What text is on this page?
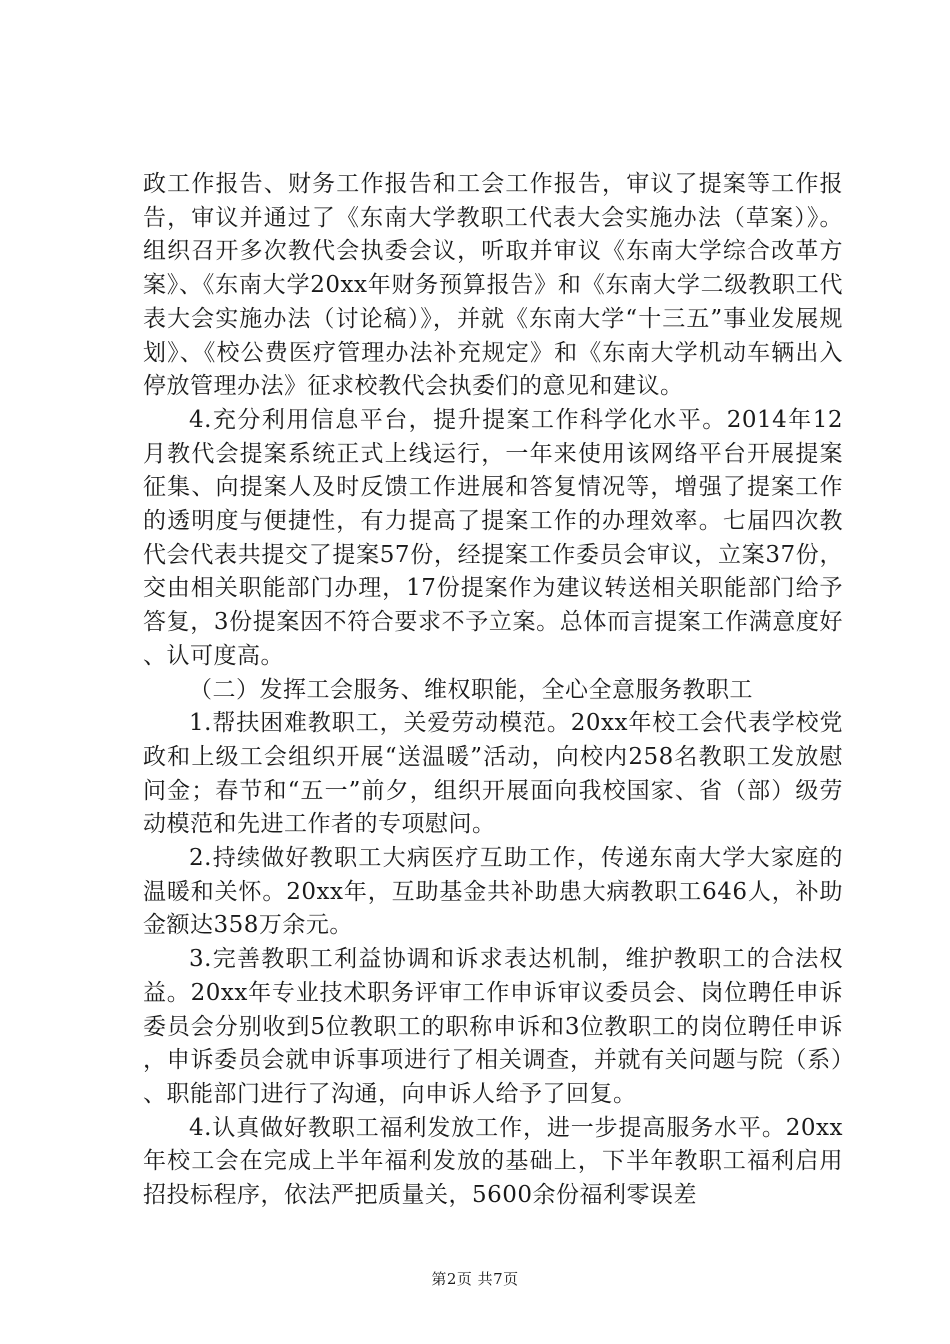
政工作报告、财务工作报告和工会工作报告，审议了提案等工作报告，审议并通过了《东南大学教职工代表大会实施办法（草案）》。组织召开多次教代会执委会议，听取并审议《东南大学综合改革方案》、《东南大学20xx年财务预算报告》和《东南大学二级教职工代表大会实施办法（讨论稿）》，并就《东南大学“十三五”事业发展规划》、《校公费医疗管理办法补充规定》和《东南大学机动车辆出入停放管理办法》征求校教代会执委们的意见和建议。

4.充分利用信息平台，提升提案工作科学化水平。2014年12月教代会提案系统正式上线运行，一年来使用该网络平台开展提案征集、向提案人及时反馈工作进展和答复情况等，增强了提案工作的透明度与便捷性，有力提高了提案工作的办理效率。七届四次教代会代表共提交了提案57份，经提案工作委员会审议，立案37份，交由相关职能部门办理，17份提案作为建议转送相关职能部门给予答复，3份提案因不符合要求不予立案。总体而言提案工作满意度好、认可度高。

（二）发挥工会服务、维权职能，全心全意服务教职工

1.帮扶困难教职工，关爱劳动模范。20xx年校工会代表学校党政和上级工会组织开展“送温暖”活动，向校内258名教职工发放慰问金；春节和“五一”前夕，组织开展面向我校国家、省（部）级劳动模范和先进工作者的专项慰问。

2.持续做好教职工大病医疗互助工作，传递东南大学大家庭的温暖和关怀。20xx年，互助基金共补助患大病教职工646人，补助金额达358万余元。

3.完善教职工利益协调和诉求表达机制，维护教职工的合法权益。20xx年专业技术职务评审工作申诉审议委员会、岗位聘任申诉委员会分别收到5位教职工的职称申诉和3位教职工的岗位聘任申诉，申诉委员会就申诉事项进行了相关调查，并就有关问题与院（系）、职能部门进行了沟通，向申诉人给予了回复。

4.认真做好教职工福利发放工作，进一步提高服务水平。20xx年校工会在完成上半年福利发放的基础上，下半年教职工福利启用招投标程序，依法严把质量关，5600余份福利零误差

第2页 共7页
